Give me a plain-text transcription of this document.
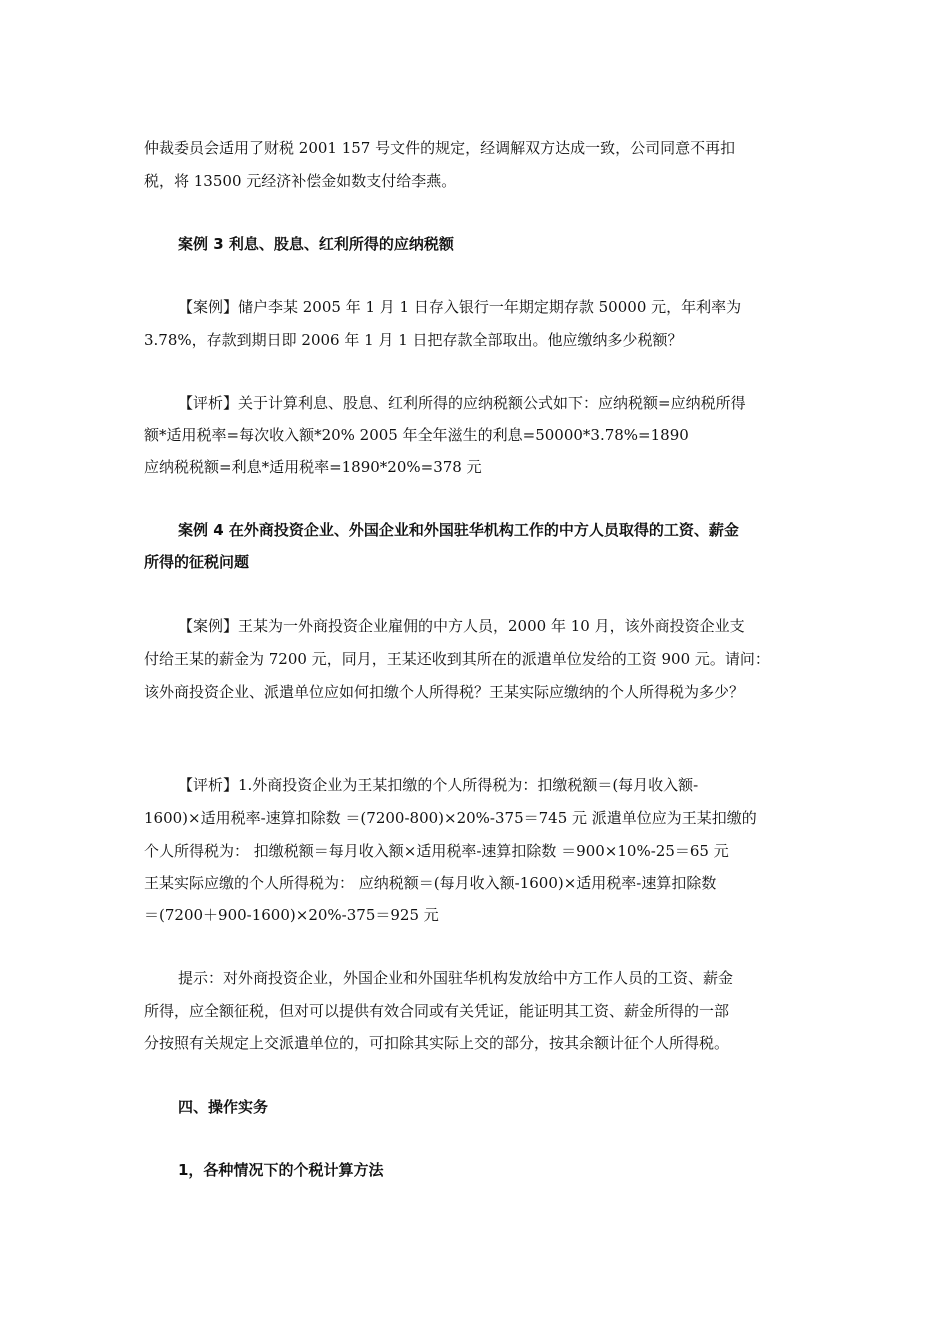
仲裁委员会适用了财税 2001 157 号文件的规定，经调解双方达成一致，公司同意不再扣
税，将 13500 元经济补偿金如数支付给李燕。
案例 3 利息、股息、红利所得的应纳税额
【案例】储户李某 2005 年 1 月 1 日存入银行一年期定期存款 50000 元，年利率为
3.78%，存款到期日即 2006 年 1 月 1 日把存款全部取出。他应缴纳多少税额？
【评析】关于计算利息、股息、红利所得的应纳税额公式如下：应纳税额=应纳税所得
额*适用税率=每次收入额*20% 2005 年全年滋生的利息=50000*3.78%=1890
应纳税税额=利息*适用税率=1890*20%=378 元
案例 4 在外商投资企业、外国企业和外国驻华机构工作的中方人员取得的工资、薪金
所得的征税问题
【案例】王某为一外商投资企业雇佣的中方人员，2000 年 10 月，该外商投资企业支
付给王某的薪金为 7200 元，同月，王某还收到其所在的派遣单位发给的工资 900 元。请问：
该外商投资企业、派遣单位应如何扣缴个人所得税？王某实际应缴纳的个人所得税为多少？
【评析】1.外商投资企业为王某扣缴的个人所得税为：扣缴税额＝(每月收入额-
1600)×适用税率-速算扣除数 ＝(7200-800)×20%-375＝745 元 派遣单位应为王某扣缴的
个人所得税为： 扣缴税额＝每月收入额×适用税率-速算扣除数 ＝900×10%-25＝65 元
王某实际应缴的个人所得税为： 应纳税额＝(每月收入额-1600)×适用税率-速算扣除数
＝(7200＋900-1600)×20%-375＝925 元
提示：对外商投资企业，外国企业和外国驻华机构发放给中方工作人员的工资、薪金
所得，应全额征税，但对可以提供有效合同或有关凭证，能证明其工资、薪金所得的一部
分按照有关规定上交派遣单位的，可扣除其实际上交的部分，按其余额计征个人所得税。
四、操作实务
1，各种情况下的个税计算方法
